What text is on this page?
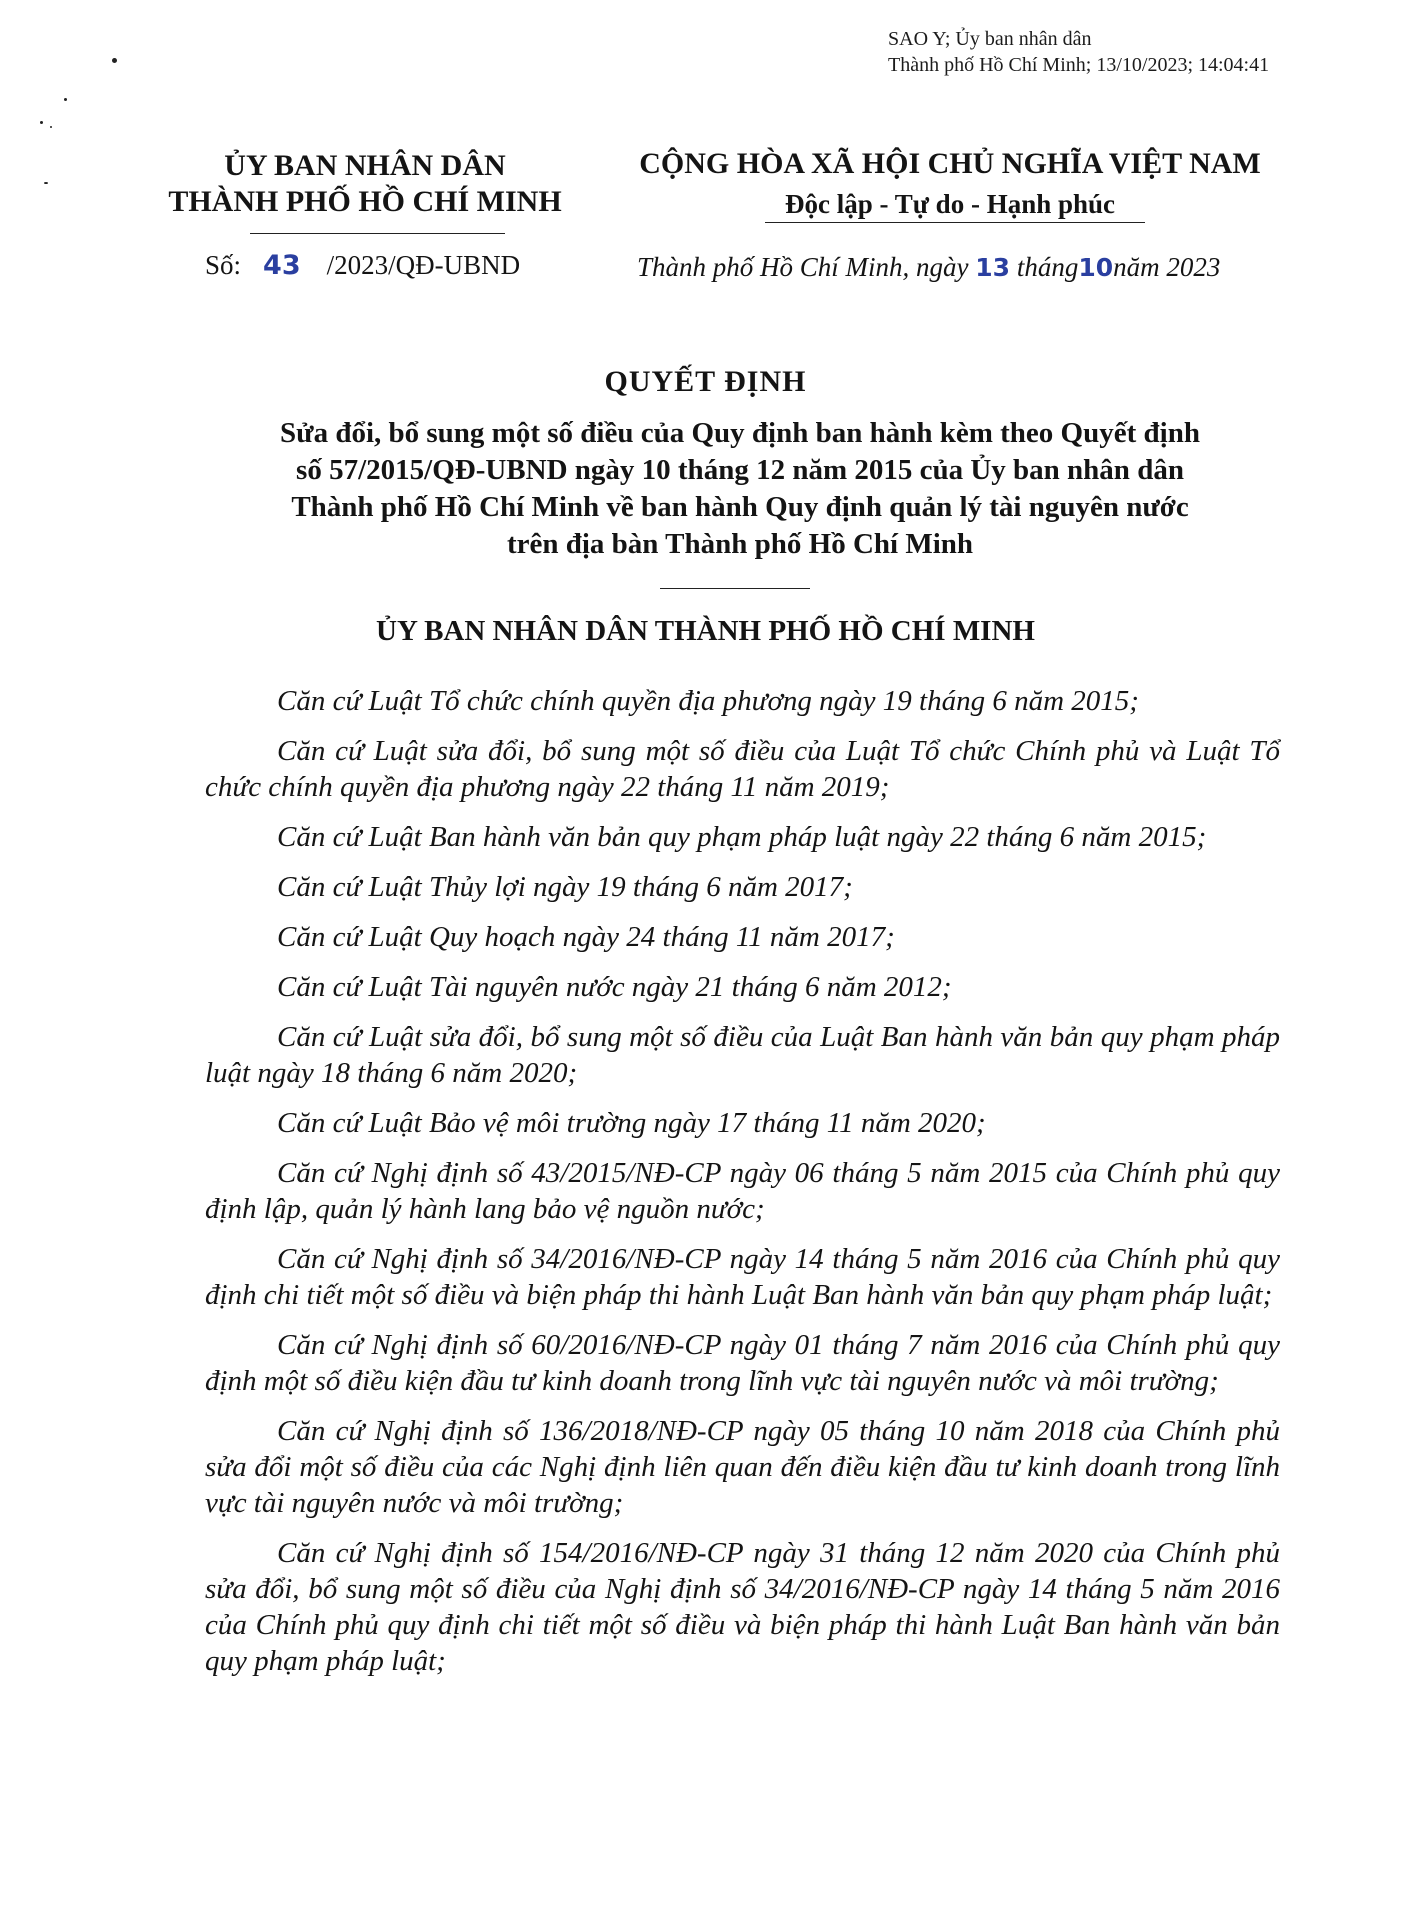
SAO Y; Ủy ban nhân dân
Thành phố Hồ Chí Minh; 13/10/2023; 14:04:41
ỦY BAN NHÂN DÂN
THÀNH PHỐ HỒ CHÍ MINH
CỘNG HÒA XÃ HỘI CHỦ NGHĨA VIỆT NAM
Độc lập - Tự do - Hạnh phúc
Số: 43 /2023/QĐ-UBND	Thành phố Hồ Chí Minh, ngày 13 tháng10năm 2023
QUYẾT ĐỊNH
Sửa đổi, bổ sung một số điều của Quy định ban hành kèm theo Quyết định
số 57/2015/QĐ-UBND ngày 10 tháng 12 năm 2015 của Ủy ban nhân dân
Thành phố Hồ Chí Minh về ban hành Quy định quản lý tài nguyên nước
trên địa bàn Thành phố Hồ Chí Minh
ỦY BAN NHÂN DÂN THÀNH PHỐ HỒ CHÍ MINH

Căn cứ Luật Tổ chức chính quyền địa phương ngày 19 tháng 6 năm 2015;

Căn cứ Luật sửa đổi, bổ sung một số điều của Luật Tổ chức Chính phủ và Luật Tổ chức chính quyền địa phương ngày 22 tháng 11 năm 2019;

Căn cứ Luật Ban hành văn bản quy phạm pháp luật ngày 22 tháng 6 năm 2015;

Căn cứ Luật Thủy lợi ngày 19 tháng 6 năm 2017;

Căn cứ Luật Quy hoạch ngày 24 tháng 11 năm 2017;

Căn cứ Luật Tài nguyên nước ngày 21 tháng 6 năm 2012;

Căn cứ Luật sửa đổi, bổ sung một số điều của Luật Ban hành văn bản quy phạm pháp luật ngày 18 tháng 6 năm 2020;

Căn cứ Luật Bảo vệ môi trường ngày 17 tháng 11 năm 2020;

Căn cứ Nghị định số 43/2015/NĐ-CP ngày 06 tháng 5 năm 2015 của Chính phủ quy định lập, quản lý hành lang bảo vệ nguồn nước;

Căn cứ Nghị định số 34/2016/NĐ-CP ngày 14 tháng 5 năm 2016 của Chính phủ quy định chi tiết một số điều và biện pháp thi hành Luật Ban hành văn bản quy phạm pháp luật;

Căn cứ Nghị định số 60/2016/NĐ-CP ngày 01 tháng 7 năm 2016 của Chính phủ quy định một số điều kiện đầu tư kinh doanh trong lĩnh vực tài nguyên nước và môi trường;

Căn cứ Nghị định số 136/2018/NĐ-CP ngày 05 tháng 10 năm 2018 của Chính phủ sửa đổi một số điều của các Nghị định liên quan đến điều kiện đầu tư kinh doanh trong lĩnh vực tài nguyên nước và môi trường;

Căn cứ Nghị định số 154/2016/NĐ-CP ngày 31 tháng 12 năm 2020 của Chính phủ sửa đổi, bổ sung một số điều của Nghị định số 34/2016/NĐ-CP ngày 14 tháng 5 năm 2016 của Chính phủ quy định chi tiết một số điều và biện pháp thi hành Luật Ban hành văn bản quy phạm pháp luật;
